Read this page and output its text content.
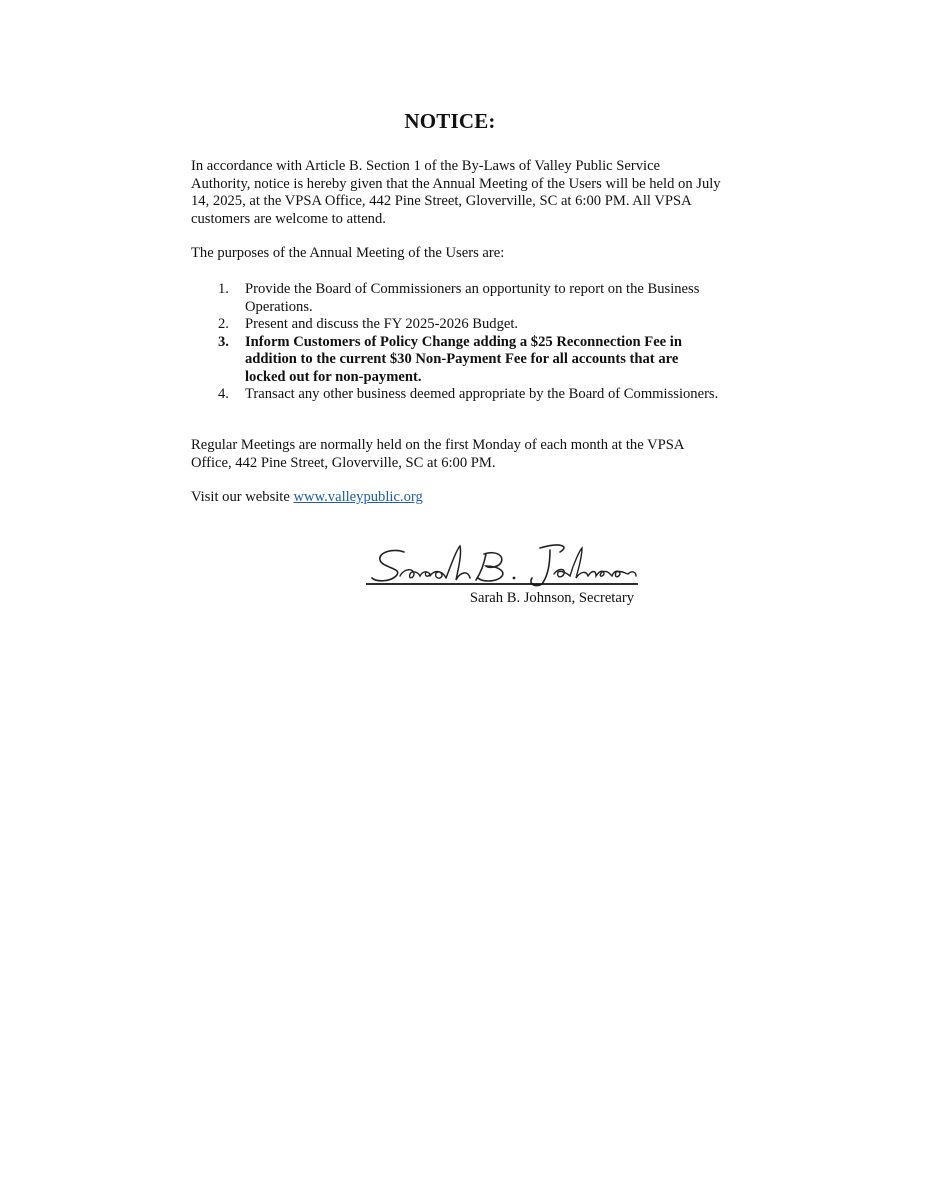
NOTICE:
In accordance with Article B. Section 1 of the By-Laws of Valley Public Service Authority, notice is hereby given that the Annual Meeting of the Users will be held on July 14, 2025, at the VPSA Office, 442 Pine Street, Gloverville, SC at 6:00 PM. All VPSA customers are welcome to attend.
The purposes of the Annual Meeting of the Users are:
1. Provide the Board of Commissioners an opportunity to report on the Business Operations.
2. Present and discuss the FY 2025-2026 Budget.
3. Inform Customers of Policy Change adding a $25 Reconnection Fee in addition to the current $30 Non-Payment Fee for all accounts that are locked out for non-payment.
4. Transact any other business deemed appropriate by the Board of Commissioners.
Regular Meetings are normally held on the first Monday of each month at the VPSA Office, 442 Pine Street, Gloverville, SC at 6:00 PM.
Visit our website www.valleypublic.org
Sarah B. Johnson, Secretary
